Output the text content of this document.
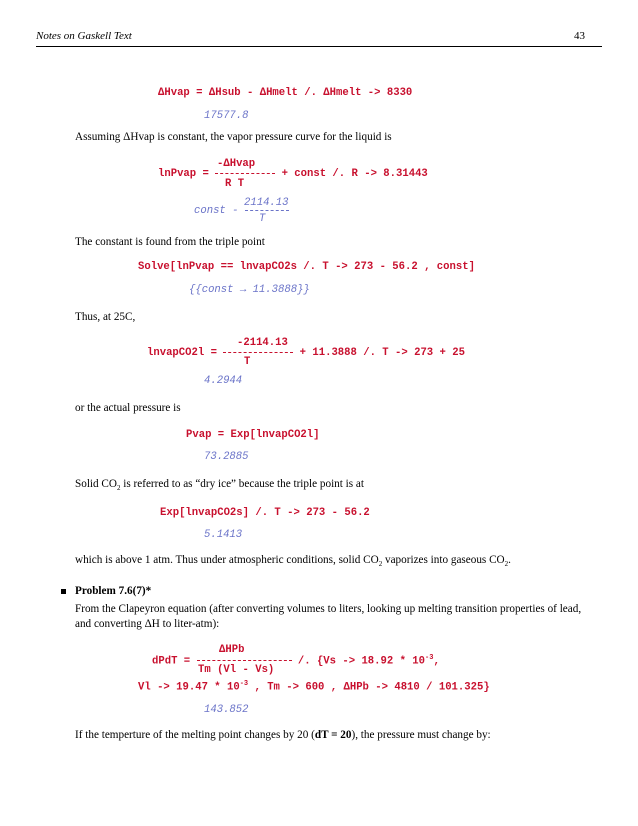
Notes on Gaskell Text	43
ΔHvap = ΔHsub - ΔHmelt /. ΔHmelt -> 8330
17577.8
Assuming ΔHvap is constant, the vapor pressure curve for the liquid is
-ΔHvap
lnPvap =	+ const /. R -> 8.31443
R T
2114.13
const -
T
The constant is found from the triple point
Solve[lnPvap == lnvapCO2s /. T -> 273 - 56.2 , const]
{{const → 11.3888}}
Thus, at 25C,
-2114.13
lnvapCO2l =	+ 11.3888 /. T -> 273 + 25
T
4.2944
or the actual pressure is
Pvap = Exp[lnvapCO2l]
73.2885
Solid $CO_2$ is referred to as “dry ice” because the triple point is at
Exp[lnvapCO2s] /. T -> 273 - 56.2
5.1413
which is above 1 atm. Thus under atmospheric conditions, solid $CO_2$ vaporizes into gaseous $CO_2$.
Problem 7.6(7)*
From the Clapeyron equation (after converting volumes to liters, looking up melting transition properties of lead,
and converting ΔH to liter-atm):
ΔHPb
dPdT =	/. {$Vs -> 18.92 * 10^{-3}$,
Tm (Vl - Vs)
$Vl -> 19.47 * 10^{-3}$ , Tm -> 600 , ΔHPb -> 4810 / 101.325}
143.852
If the temperture of the melting point changes by 20 (dT = 20), the pressure must change by:
